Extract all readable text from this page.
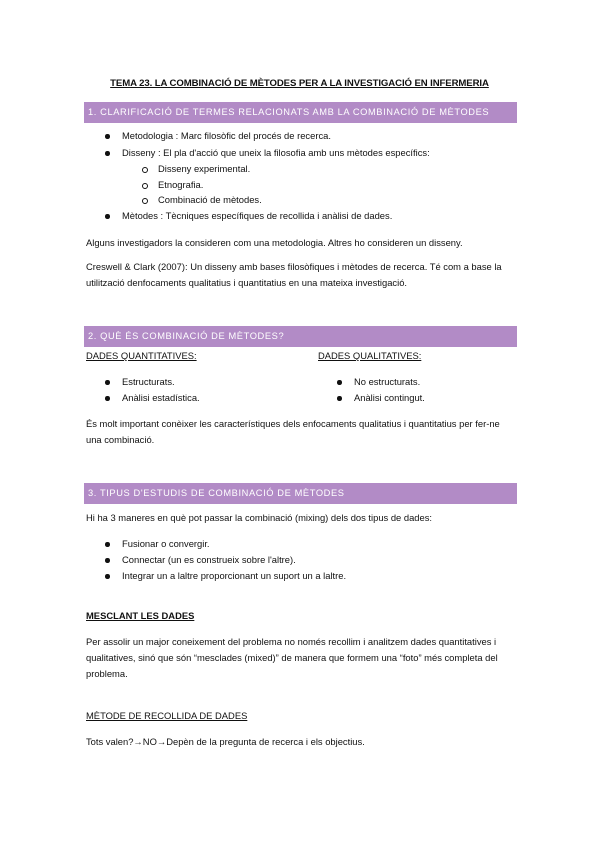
TEMA 23. LA COMBINACIÓ DE MÈTODES PER A LA INVESTIGACIÓ EN INFERMERIA
1. CLARIFICACIÓ DE TERMES RELACIONATS AMB LA COMBINACIÓ DE MÈTODES
Metodologia : Marc filosòfic del procés de recerca.
Disseny : El pla d'acció que uneix la filosofia amb uns mètodes específics:
Disseny experimental.
Etnografia.
Combinació de mètodes.
Mètodes : Tècniques específiques de recollida i anàlisi de dades.
Alguns investigadors la consideren com una metodologia. Altres ho consideren un disseny.
Creswell & Clark (2007): Un disseny amb bases filosòfiques i mètodes de recerca. Té com a base la utilització denfocaments qualitatius i quantitatius en una mateixa investigació.
2. QUÈ ÉS COMBINACIÓ DE MÈTODES?
DADES QUANTITATIVES:	DADES QUALITATIVES:
Estructurats.
Anàlisi estadística.
No estructurats.
Anàlisi contingut.
És molt important conèixer les característiques dels enfocaments qualitatius i quantitatius per fer-ne una combinació.
3. TIPUS D'ESTUDIS DE COMBINACIÓ DE MÈTODES
Hi ha 3 maneres en què pot passar la combinació (mixing) dels dos tipus de dades:
Fusionar o convergir.
Connectar (un es construeix sobre l'altre).
Integrar un a laltre proporcionant un suport un a laltre.
MESCLANT LES DADES
Per assolir un major coneixement del problema no només recollim i analitzem dades quantitatives i qualitatives, sinó que són “mesclades (mixed)” de manera que formem una “foto” més completa del problema.
MÈTODE DE RECOLLIDA DE DADES
Tots valen?→NO→Depèn de la pregunta de recerca i els objectius.
